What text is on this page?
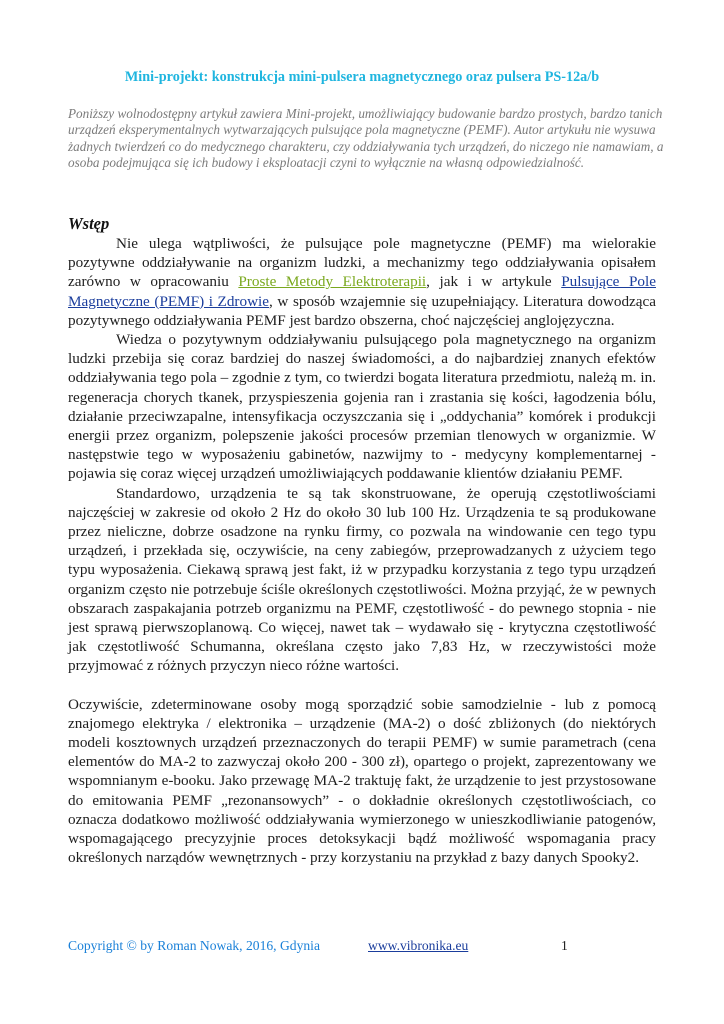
Mini-projekt: konstrukcja mini-pulsera magnetycznego oraz pulsera PS-12a/b
Poniższy wolnodostępny artykuł zawiera Mini-projekt, umożliwiający budowanie bardzo prostych, bardzo tanich urządzeń eksperymentalnych wytwarzających pulsujące pola magnetyczne (PEMF). Autor artykułu nie wysuwa żadnych twierdzeń co do medycznego charakteru, czy oddziaływania tych urządzeń, do niczego nie namawiam, a osoba podejmująca się ich budowy i eksploatacji czyni to wyłącznie na własną odpowiedzialność.
Wstęp

Nie ulega wątpliwości, że pulsujące pole magnetyczne (PEMF) ma wielorakie pozytywne oddziaływanie na organizm ludzki, a mechanizmy tego oddziaływania opisałem zarówno w opracowaniu Proste Metody Elektroterapii, jak i w artykule Pulsujące Pole Magnetyczne (PEMF) i Zdrowie, w sposób wzajemnie się uzupełniający. Literatura dowodząca pozytywnego oddziaływania PEMF jest bardzo obszerna, choć najczęściej anglojęzyczna.

Wiedza o pozytywnym oddziaływaniu pulsującego pola magnetycznego na organizm ludzki przebija się coraz bardziej do naszej świadomości, a do najbardziej znanych efektów oddziaływania tego pola – zgodnie z tym, co twierdzi bogata literatura przedmiotu, należą m. in. regeneracja chorych tkanek, przyspieszenia gojenia ran i zrastania się kości, łagodzenia bólu, działanie przeciwzapalne, intensyfikacja oczyszczania się i „oddychania” komórek i produkcji energii przez organizm, polepszenie jakości procesów przemian tlenowych w organizmie. W następstwie tego w wyposażeniu gabinetów, nazwijmy to - medycyny komplementarnej - pojawia się coraz więcej urządzeń umożliwiających poddawanie klientów działaniu PEMF.

Standardowo, urządzenia te są tak skonstruowane, że operują częstotliwościami najczęściej w zakresie od około 2 Hz do około 30 lub 100 Hz. Urządzenia te są produkowane przez nieliczne, dobrze osadzone na rynku firmy, co pozwala na windowanie cen tego typu urządzeń, i przekłada się, oczywiście, na ceny zabiegów, przeprowadzanych z użyciem tego typu wyposażenia. Ciekawą sprawą jest fakt, iż w przypadku korzystania z tego typu urządzeń organizm często nie potrzebuje ściśle określonych częstotliwości. Można przyjąć, że w pewnych obszarach zaspakajania potrzeb organizmu na PEMF, częstotliwość - do pewnego stopnia - nie jest sprawą pierwszoplanową. Co więcej, nawet tak – wydawało się - krytyczna częstotliwość jak częstotliwość Schumanna, określana często jako 7,83 Hz, w rzeczywistości może przyjmować z różnych przyczyn nieco różne wartości.

Oczywiście, zdeterminowane osoby mogą sporządzić sobie samodzielnie - lub z pomocą znajomego elektryka / elektronika – urządzenie (MA-2) o dość zbliżonych (do niektórych modeli kosztownych urządzeń przeznaczonych do terapii PEMF) w sumie parametrach (cena elementów do MA-2 to zazwyczaj około 200 - 300 zł), opartego o projekt, zaprezentowany we wspomnianym e-booku. Jako przewagę MA-2 traktuję fakt, że urządzenie to jest przystosowane do emitowania PEMF „rezonansowych” - o dokładnie określonych częstotliwościach, co oznacza dodatkowo możliwość oddziaływania wymierzonego w unieszkodliwianie patogenów, wspomagającego precyzyjnie proces detoksykacji bądź możliwość wspomagania pracy określonych narządów wewnętrznych - przy korzystaniu na przykład z bazy danych Spooky2.

Copyright © by Roman Nowak, 2016, Gdynia	www.vibronika.eu	1
